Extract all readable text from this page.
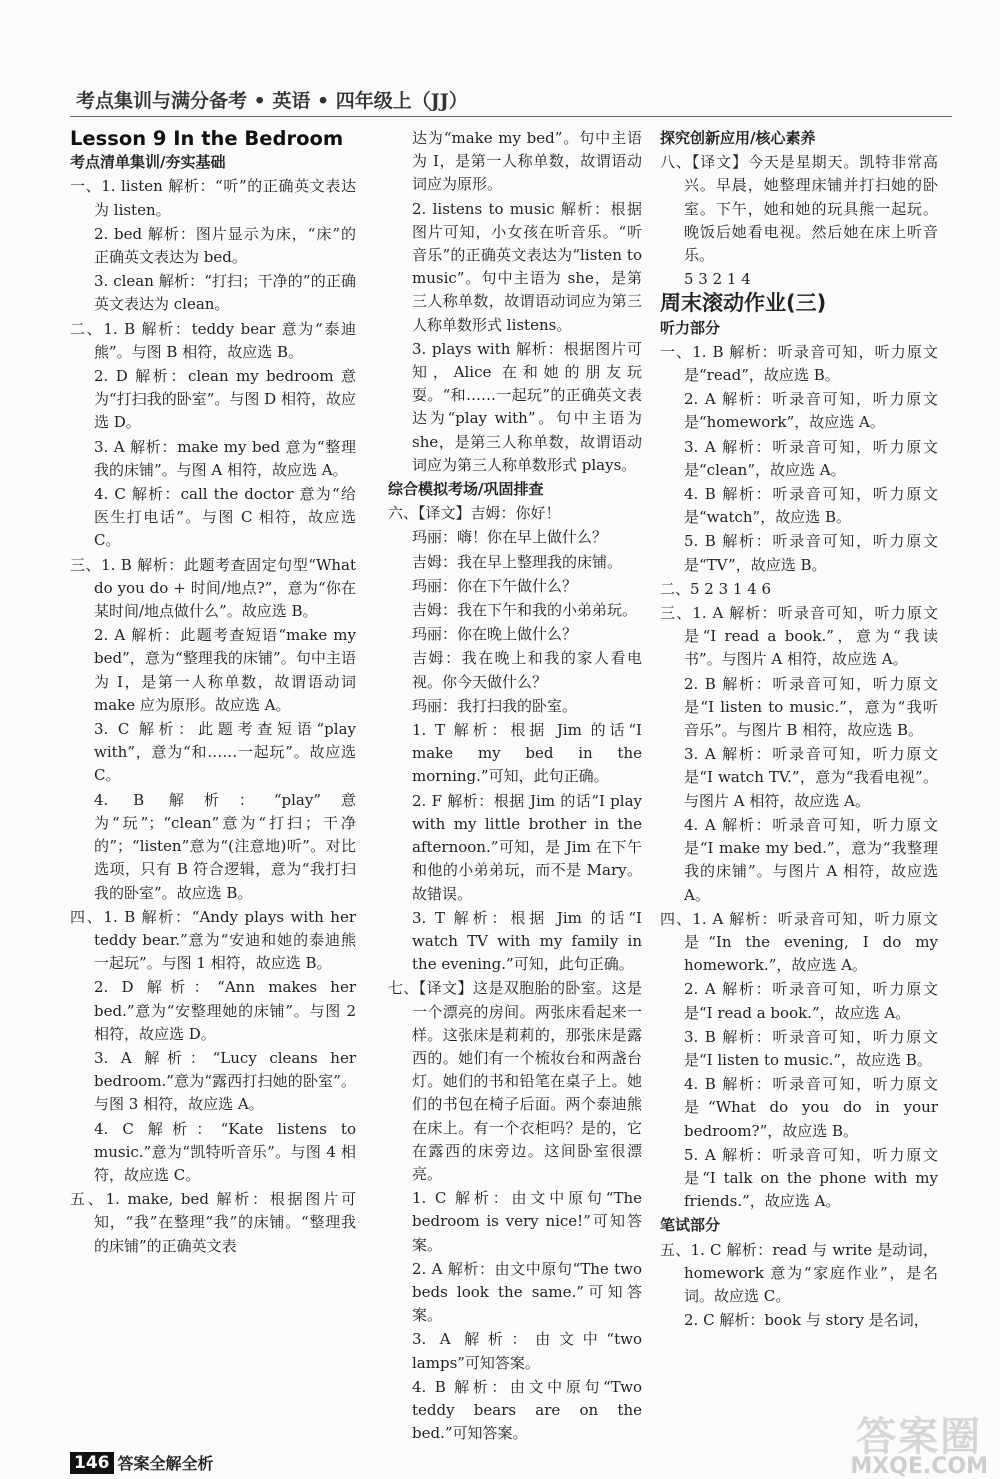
考点集训与满分备考 • 英语 • 四年级上（JJ）
Lesson 9 In the Bedroom
考点清单集训/夯实基础
一、1. listen 解析：“听”的正确英文表达为 listen。
2. bed 解析：图片显示为床，“床”的正确英文表达为 bed。
3. clean 解析：“打扫；干净的”的正确英文表达为 clean。
二、1. B 解析：teddy bear 意为“泰迪熊”。与图 B 相符，故应选 B。
2. D 解析：clean my bedroom 意为“打扫我的卧室”。与图 D 相符，故应选 D。
3. A 解析：make my bed 意为“整理我的床铺”。与图 A 相符，故应选 A。
4. C 解析：call the doctor 意为“给医生打电话”。与图 C 相符，故应选 C。
三、1. B 解析：此题考查固定句型“What do you do + 时间/地点?”，意为“你在某时间/地点做什么”。故应选 B。
2. A 解析：此题考查短语“make my bed”，意为“整理我的床铺”。句中主语为 I，是第一人称单数，故谓语动词 make 应为原形。故应选 A。
3. C 解析：此题考查短语“play with”，意为“和……一起玩”。故应选 C。
4. B 解析：“play”意为“玩”；“clean”意为“打扫；干净的”；“listen”意为“(注意地)听”。对比选项，只有 B 符合逻辑，意为“我打扫我的卧室”。故应选 B。
四、1. B 解析：“Andy plays with her teddy bear.”意为“安迪和她的泰迪熊一起玩”。与图 1 相符，故应选 B。
2. D 解析：“Ann makes her bed.”意为“安整理她的床铺”。与图 2 相符，故应选 D。
3. A 解析：“Lucy cleans her bedroom.”意为“露西打扫她的卧室”。与图 3 相符，故应选 A。
4. C 解析：“Kate listens to music.”意为“凯特听音乐”。与图 4 相符，故应选 C。
五、1. make, bed 解析：根据图片可知，“我”在整理“我”的床铺。“整理我的床铺”的正确英文表
达为“make my bed”。句中主语为 I，是第一人称单数，故谓语动词应为原形。
2. listens to music 解析：根据图片可知，小女孩在听音乐。“听音乐”的正确英文表达为“listen to music”。句中主语为 she，是第三人称单数，故谓语动词应为第三人称单数形式 listens。
3. plays with 解析：根据图片可知，Alice 在和她的朋友玩耍。“和……一起玩”的正确英文表达为“play with”。句中主语为 she，是第三人称单数，故谓语动词应为第三人称单数形式 plays。
综合模拟考场/巩固排查
六、【译文】吉姆：你好！
玛丽：嗨！你在早上做什么？
吉姆：我在早上整理我的床铺。
玛丽：你在下午做什么？
吉姆：我在下午和我的小弟弟玩。
玛丽：你在晚上做什么？
吉姆：我在晚上和我的家人看电视。你今天做什么？
玛丽：我打扫我的卧室。
1. T 解析：根据 Jim 的话“I make my bed in the morning.”可知，此句正确。
2. F 解析：根据 Jim 的话“I play with my little brother in the afternoon.”可知，是 Jim 在下午和他的小弟弟玩，而不是 Mary。故错误。
3. T 解析：根据 Jim 的话“I watch TV with my family in the evening.”可知，此句正确。
七、【译文】这是双胞胎的卧室。这是一个漂亮的房间。两张床看起来一样。这张床是莉莉的，那张床是露西的。她们有一个梳妆台和两盏台灯。她们的书和铅笔在桌子上。她们的书包在椅子后面。两个泰迪熊在床上。有一个衣柜吗？是的，它在露西的床旁边。这间卧室很漂亮。
1. C 解析：由文中原句“The bedroom is very nice!”可知答案。
2. A 解析：由文中原句“The two beds look the same.”可知答案。
3. A 解析：由文中“two lamps”可知答案。
4. B 解析：由文中原句“Two teddy bears are on the bed.”可知答案。
探究创新应用/核心素养
八、【译文】今天是星期天。凯特非常高兴。早晨，她整理床铺并打扫她的卧室。下午，她和她的玩具熊一起玩。晚饭后她看电视。然后她在床上听音乐。
5 3 2 1 4
周末滚动作业(三)
听力部分
一、1. B 解析：听录音可知，听力原文是“read”，故应选 B。
2. A 解析：听录音可知，听力原文是“homework”，故应选 A。
3. A 解析：听录音可知，听力原文是“clean”，故应选 A。
4. B 解析：听录音可知，听力原文是“watch”，故应选 B。
5. B 解析：听录音可知，听力原文是“TV”，故应选 B。
二、5 2 3 1 4 6
三、1. A 解析：听录音可知，听力原文是“I read a book.”，意为“我读书”。与图片 A 相符，故应选 A。
2. B 解析：听录音可知，听力原文是“I listen to music.”，意为“我听音乐”。与图片 B 相符，故应选 B。
3. A 解析：听录音可知，听力原文是“I watch TV.”，意为“我看电视”。与图片 A 相符，故应选 A。
4. A 解析：听录音可知，听力原文是“I make my bed.”，意为“我整理我的床铺”。与图片 A 相符，故应选 A。
四、1. A 解析：听录音可知，听力原文是“In the evening, I do my homework.”，故应选 A。
2. A 解析：听录音可知，听力原文是“I read a book.”，故应选 A。
3. B 解析：听录音可知，听力原文是“I listen to music.”，故应选 B。
4. B 解析：听录音可知，听力原文是“What do you do in your bedroom?”，故应选 B。
5. A 解析：听录音可知，听力原文是“I talk on the phone with my friends.”，故应选 A。
笔试部分
五、1. C 解析：read 与 write 是动词，homework 意为“家庭作业”，是名词。故应选 C。
2. C 解析：book 与 story 是名词，
146 答案全解全析
答案圈
MXQE.COM
